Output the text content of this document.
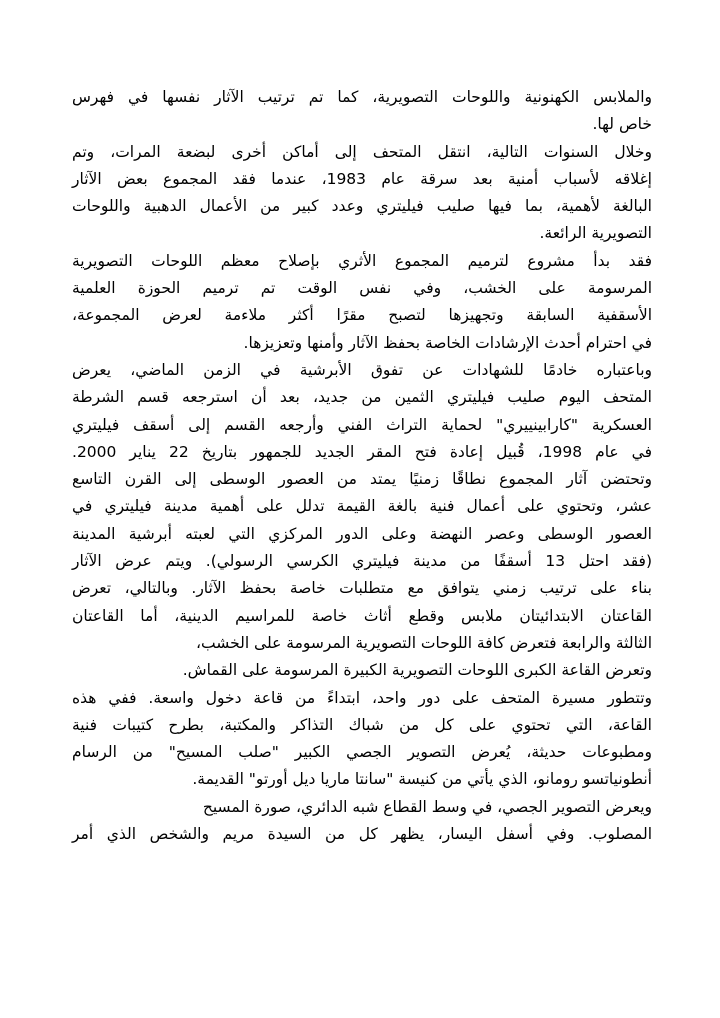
والملابس الكهنونية واللوحات التصويرية، كما تم ترتيب الآثار نفسها في فهرس
خاص لها.
وخلال السنوات التالية، انتقل المتحف إلى أماكن أخرى لبضعة المرات، وتم
إغلاقه لأسباب أمنية بعد سرقة عام 1983، عندما فقد المجموع بعض الآثار
البالغة لأهمية، بما فيها صليب فيليتري وعدد كبير من الأعمال الدهبية واللوحات
التصويرية الرائعة.
فقد بدأ مشروع لترميم المجموع الأثري بإصلاح معظم اللوحات التصويرية
المرسومة على الخشب، وفي نفس الوقت تم ترميم الحوزة العلمية
الأسقفية السابقة وتجهيزها لتصبح مقرًا أكثر ملاءمة لعرض المجموعة،
في احترام أحدث الإرشادات الخاصة بحفظ الآثار وأمنها وتعزيزها.
وباعتباره خادمًا للشهادات عن تفوق الأبرشية في الزمن الماضي، يعرض
المتحف اليوم صليب فيليتري الثمين من جديد، بعد أن استرجعه قسم الشرطة
العسكرية "كارابينييري" لحماية التراث الفني وأرجعه القسم إلى أسقف فيليتري
في عام 1998، قُبيل إعادة فتح المقر الجديد للجمهور بتاريخ 22 يناير 2000.
وتحتضن آثار المجموع نطاقًا زمنيًا يمتد من العصور الوسطى إلى القرن التاسع
عشر، وتحتوي على أعمال فنية بالغة القيمة تدلل على أهمية مدينة فيليتري في
العصور الوسطى وعصر النهضة وعلى الدور المركزي التي لعبته أبرشية المدينة
(فقد احتل 13 أسقفًا من مدينة فيليتري الكرسي الرسولي). ويتم عرض الآثار
بناء على ترتيب زمني يتوافق مع متطلبات خاصة بحفظ الآثار. وبالتالي، تعرض
القاعتان الابتدائيتان ملابس وقطع أثاث خاصة للمراسيم الدينية، أما القاعتان
الثالثة والرابعة فتعرض كافة اللوحات التصويرية المرسومة على الخشب،
وتعرض القاعة الكبرى اللوحات التصويرية الكبيرة المرسومة على القماش.
وتتطور مسيرة المتحف على دور واحد، ابتداءً من قاعة دخول واسعة. ففي هذه
القاعة، التي تحتوي على كل من شباك التذاكر والمكتبة، بطرح كتيبات فنية
ومطبوعات حديثة، يُعرض التصوير الجصي الكبير "صلب المسيح" من الرسام
أنطونياتسو رومانو، الذي يأتي من كنيسة "سانتا ماريا ديل أورتو" القديمة.
ويعرض التصوير الجصي، في وسط القطاع شبه الدائري، صورة المسيح
المصلوب. وفي أسفل اليسار، يظهر كل من السيدة مريم والشخص الذي أمر
